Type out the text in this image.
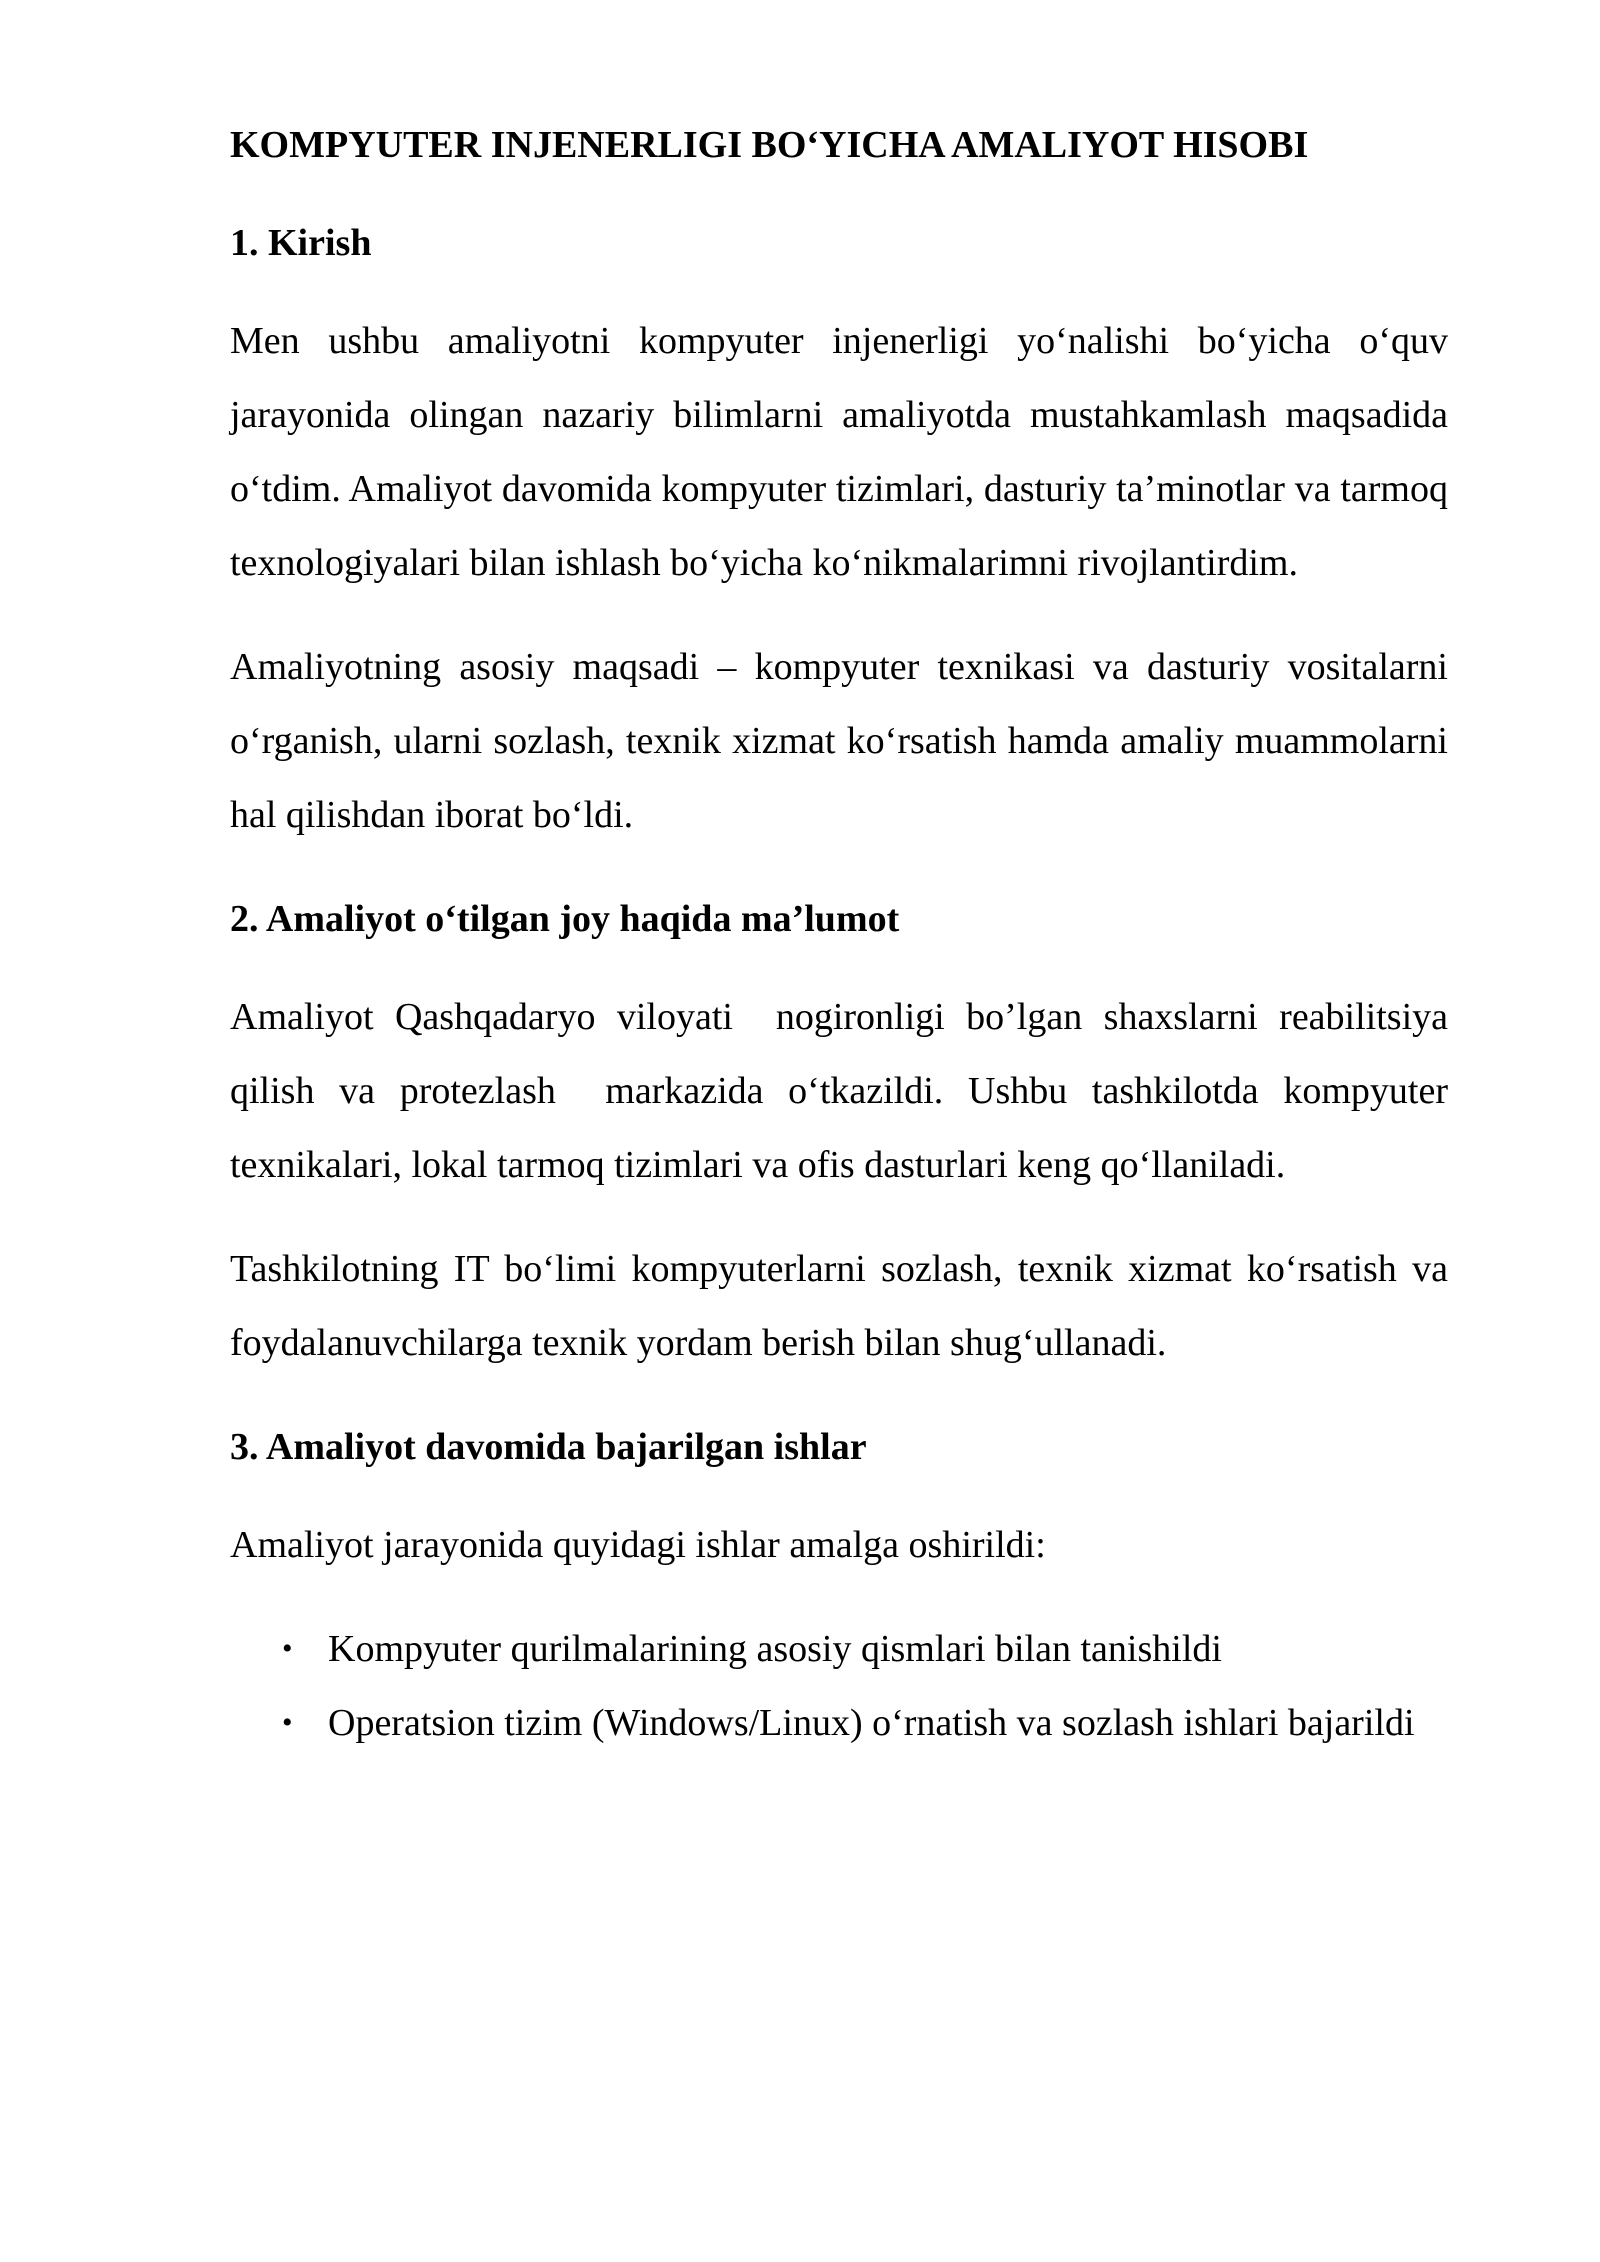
KOMPYUTER INJENERLIGI BO‘YICHA AMALIYOT HISOBI
1. Kirish

Men ushbu amaliyotni kompyuter injenerligi yo‘nalishi bo‘yicha o‘quv jarayonida olingan nazariy bilimlarni amaliyotda mustahkamlash maqsadida o‘tdim. Amaliyot davomida kompyuter tizimlari, dasturiy ta’minotlar va tarmoq texnologiyalari bilan ishlash bo‘yicha ko‘nikmalarimni rivojlantirdim.

Amaliyotning asosiy maqsadi – kompyuter texnikasi va dasturiy vositalarni o‘rganish, ularni sozlash, texnik xizmat ko‘rsatish hamda amaliy muammolarni hal qilishdan iborat bo‘ldi.

2. Amaliyot o‘tilgan joy haqida ma’lumot

Amaliyot Qashqadaryo viloyati  nogironligi bo’lgan shaxslarni reabilitsiya qilish va protezlash  markazida o‘tkazildi. Ushbu tashkilotda kompyuter texnikalari, lokal tarmoq tizimlari va ofis dasturlari keng qo‘llaniladi.

Tashkilotning IT bo‘limi kompyuterlarni sozlash, texnik xizmat ko‘rsatish va foydalanuvchilarga texnik yordam berish bilan shug‘ullanadi.

3. Amaliyot davomida bajarilgan ishlar

Amaliyot jarayonida quyidagi ishlar amalga oshirildi:

• Kompyuter qurilmalarining asosiy qismlari bilan tanishildi
• Operatsion tizim (Windows/Linux) o‘rnatish va sozlash ishlari bajarildi
